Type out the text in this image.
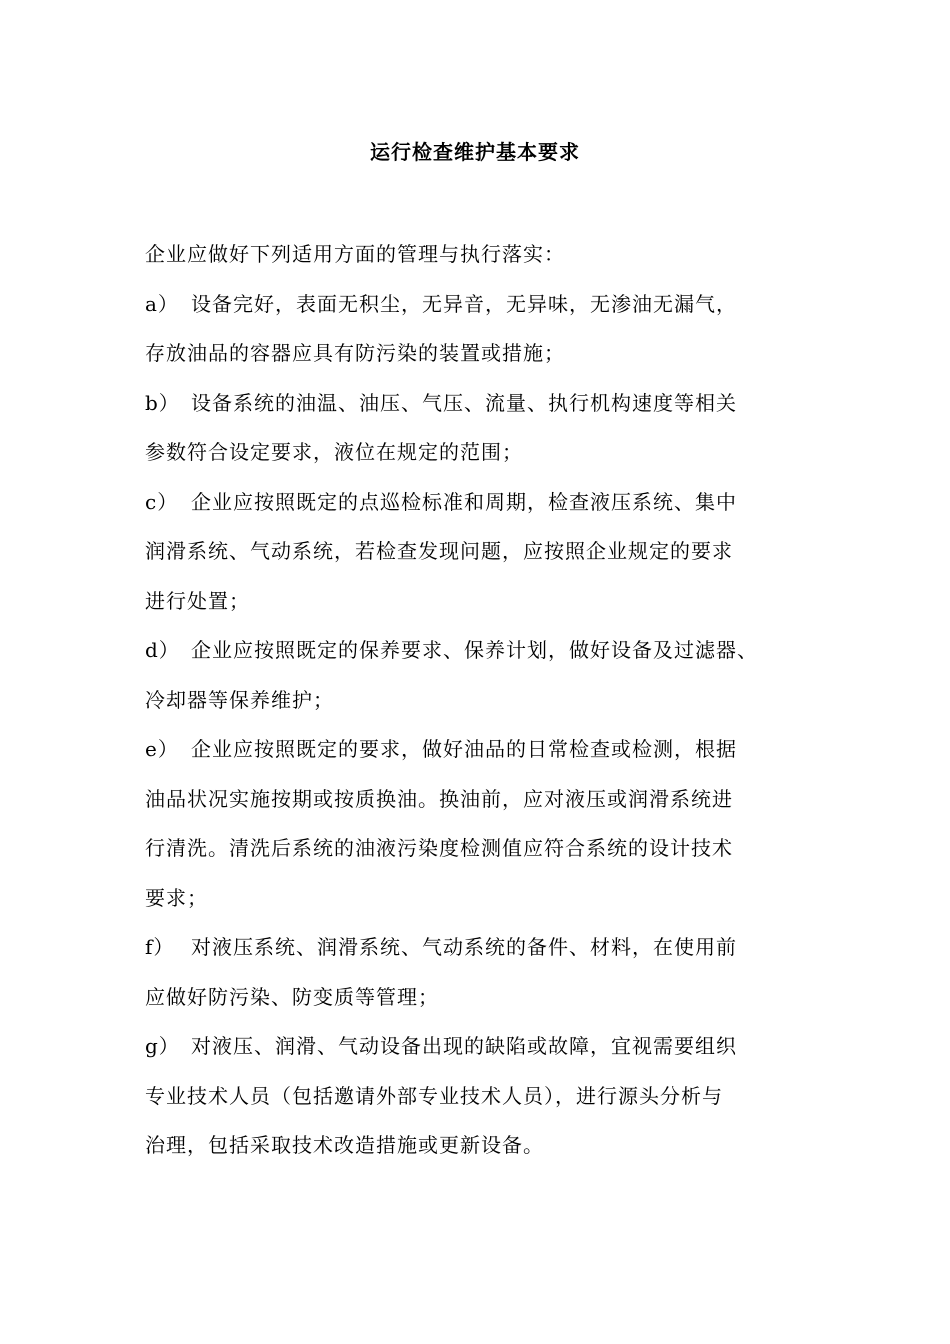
运行检查维护基本要求
企业应做好下列适用方面的管理与执行落实：
a） 设备完好，表面无积尘，无异音，无异味，无渗油无漏气，
存放油品的容器应具有防污染的装置或措施；
b） 设备系统的油温、油压、气压、流量、执行机构速度等相关
参数符合设定要求，液位在规定的范围；
c） 企业应按照既定的点巡检标准和周期，检查液压系统、集中
润滑系统、气动系统，若检查发现问题，应按照企业规定的要求
进行处置；
d） 企业应按照既定的保养要求、保养计划，做好设备及过滤器、
冷却器等保养维护；
e） 企业应按照既定的要求，做好油品的日常检查或检测，根据
油品状况实施按期或按质换油。换油前，应对液压或润滑系统进
行清洗。清洗后系统的油液污染度检测值应符合系统的设计技术
要求；
f） 对液压系统、润滑系统、气动系统的备件、材料，在使用前
应做好防污染、防变质等管理；
g） 对液压、润滑、气动设备出现的缺陷或故障，宜视需要组织
专业技术人员（包括邀请外部专业技术人员），进行源头分析与
治理，包括采取技术改造措施或更新设备。
